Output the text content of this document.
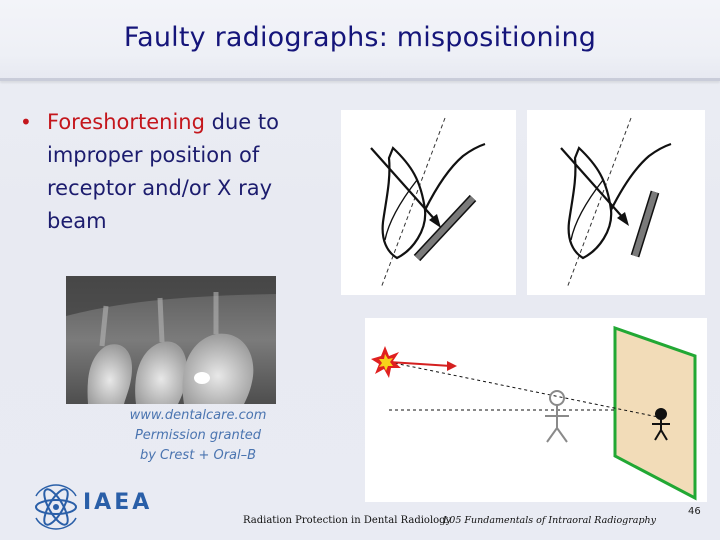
Faulty radiographs: mispositioning
• Foreshortening due to improper position of receptor and/or X ray beam
www.dentalcare.com
Permission granted
by Crest + Oral–B
IAEA
Radiation Protection in Dental Radiology
L05 Fundamentals of Intraoral Radiography
46
